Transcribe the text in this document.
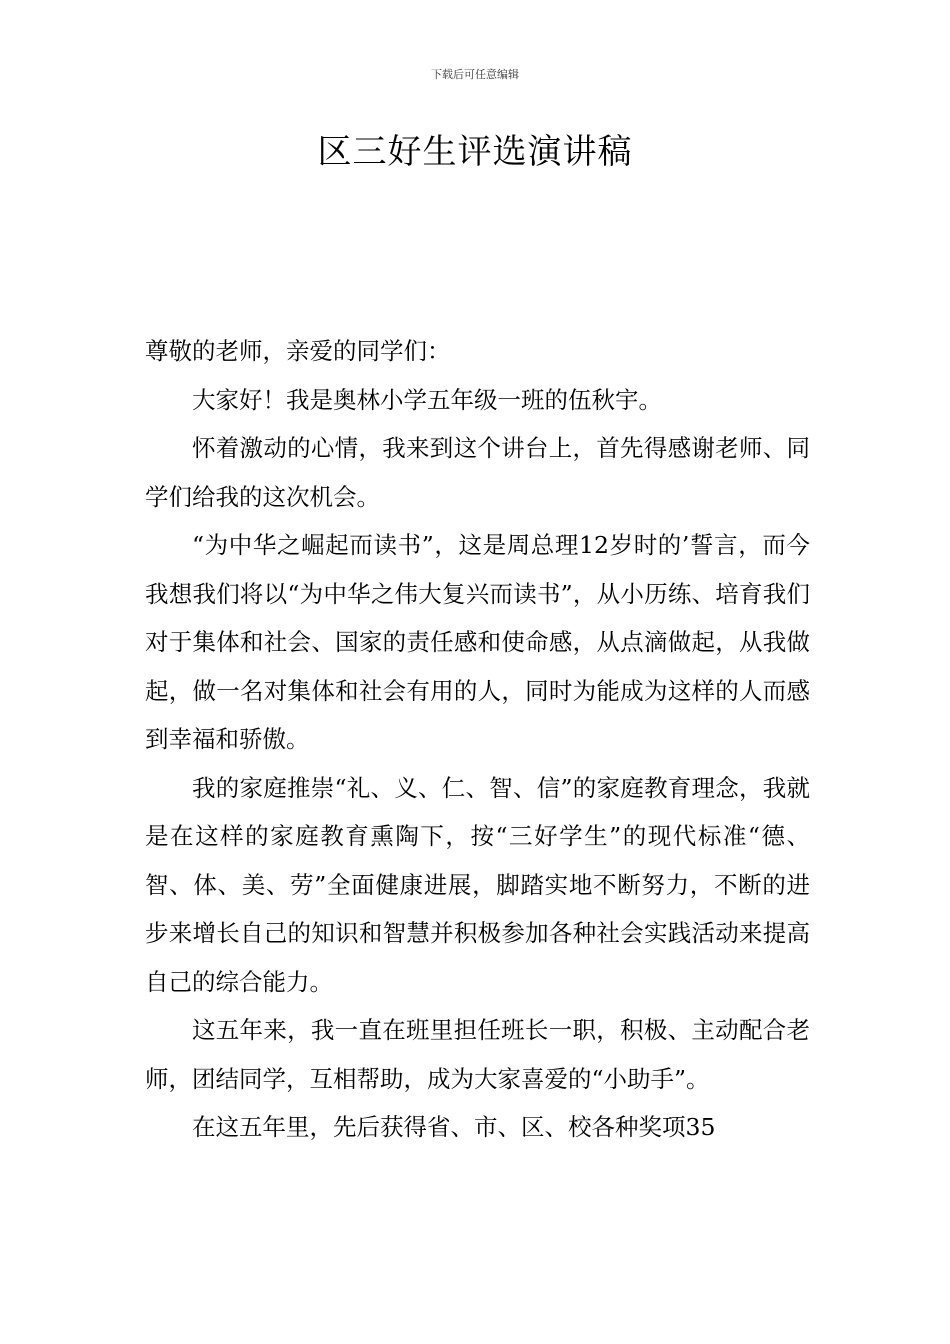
下载后可任意编辑
区三好生评选演讲稿

尊敬的老师，亲爱的同学们：

大家好！我是奥林小学五年级一班的伍秋宇。

怀着激动的心情，我来到这个讲台上，首先得感谢老师、同学们给我的这次机会。

“为中华之崛起而读书”，这是周总理12岁时的’誓言，而今我想我们将以“为中华之伟大复兴而读书”，从小历练、培育我们对于集体和社会、国家的责任感和使命感，从点滴做起，从我做起，做一名对集体和社会有用的人，同时为能成为这样的人而感到幸福和骄傲。

我的家庭推崇“礼、义、仁、智、信”的家庭教育理念，我就是在这样的家庭教育熏陶下，按“三好学生”的现代标准“德、智、体、美、劳”全面健康进展，脚踏实地不断努力，不断的进步来增长自己的知识和智慧并积极参加各种社会实践活动来提高自己的综合能力。

这五年来，我一直在班里担任班长一职，积极、主动配合老师，团结同学，互相帮助，成为大家喜爱的“小助手”。

在这五年里，先后获得省、市、区、校各种奖项35
